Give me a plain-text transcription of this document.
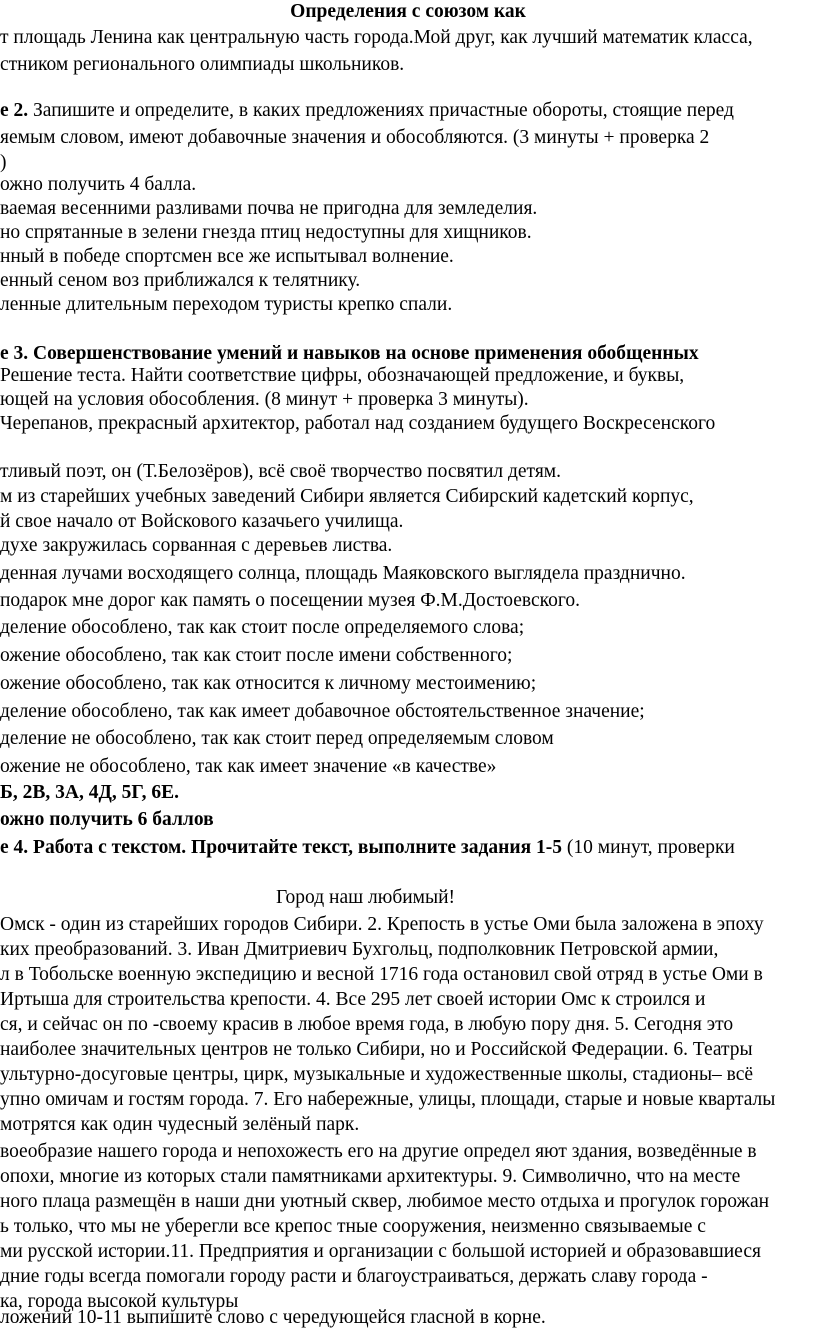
Определения с союзом как
т площадь Ленина как центральную часть города.Мой друг, как лучший математик класса,
стником регионального олимпиады школьников.
е 2. Запишите и определите, в каких предложениях причастные обороты, стоящие перед
яемым словом, имеют добавочные значения и обособляются. (3 минуты + проверка 2
)
ожно получить 4 балла.
ваемая весенними разливами почва не пригодна для земледелия.
но спрятанные в зелени гнезда птиц недоступны для хищников.
нный в победе спортсмен все же испытывал волнение.
енный сеном воз приближался к телятнику.
ленные длительным переходом туристы крепко спали.
е 3. Совершенствование умений и навыков на основе применения обобщенных
Решение теста. Найти соответствие цифры, обозначающей предложение, и буквы,
ющей на условия обособления. (8 минут + проверка 3 минуты).
Черепанов, прекрасный архитектор, работал над созданием будущего Воскресенского
тливый поэт, он (Т.Белозёров), всё своё творчество посвятил детям.
м из старейших учебных заведений Сибири является Сибирский кадетский корпус,
й свое начало от Войскового казачьего училища.
духе закружилась сорванная с деревьев листва.
денная лучами восходящего солнца, площадь Маяковского выглядела празднично.
подарок мне дорог как память о посещении музея Ф.М.Достоевского.
деление обособлено, так как стоит после определяемого слова;
ожение обособлено, так как стоит после имени собственного;
ожение обособлено, так как относится к личному местоимению;
деление обособлено, так как имеет добавочное обстоятельственное значение;
деление не обособлено, так как стоит перед определяемым словом
ожение не обособлено, так как имеет значение «в качестве»
Б, 2В, 3А, 4Д, 5Г, 6Е.
ожно получить 6 баллов
е 4. Работа с текстом. Прочитайте текст, выполните задания 1-5 (10 минут, проверки
Город наш любимый!
Омск - один из старейших городов Сибири. 2. Крепость в устье Оми была заложена в эпоху
ких преобразований. 3. Иван Дмитриевич Бухгольц, подполковник Петровской армии,
л в Тобольске военную экспедицию и весной 1716 года остановил свой отряд в устье Оми в
Иртыша для строительства крепости. 4. Все 295 лет своей истории Омс к строился и
ся, и сейчас он по -своему красив в любое время года, в любую пору дня. 5. Сегодня это
наиболее значительных центров не только Сибири, но и Российской Федерации. 6. Театры
ультурно-досуговые центры, цирк, музыкальные и художественные школы, стадионы– всё
упно омичам и гостям города. 7. Его набережные, улицы, площади, старые и новые кварталы
мотрятся как один чудесный зелёный парк.
воеобразие нашего города и непохожесть его на другие определ яют здания, возведённые в
опохи, многие из которых стали памятниками архитектуры. 9. Символично, что на месте
ного плаца размещён в наши дни уютный сквер, любимое место отдыха и прогулок горожан
ь только, что мы не уберегли все крепос тные сооружения, неизменно связываемые с
ми русской истории.11. Предприятия и организации с большой историей и образовавшиеся
дние годы всегда помогали городу расти и благоустраиваться, держать славу города -
ка, города высокой культуры
ложений 10-11 выпишите слово с чередующейся гласной в корне.
